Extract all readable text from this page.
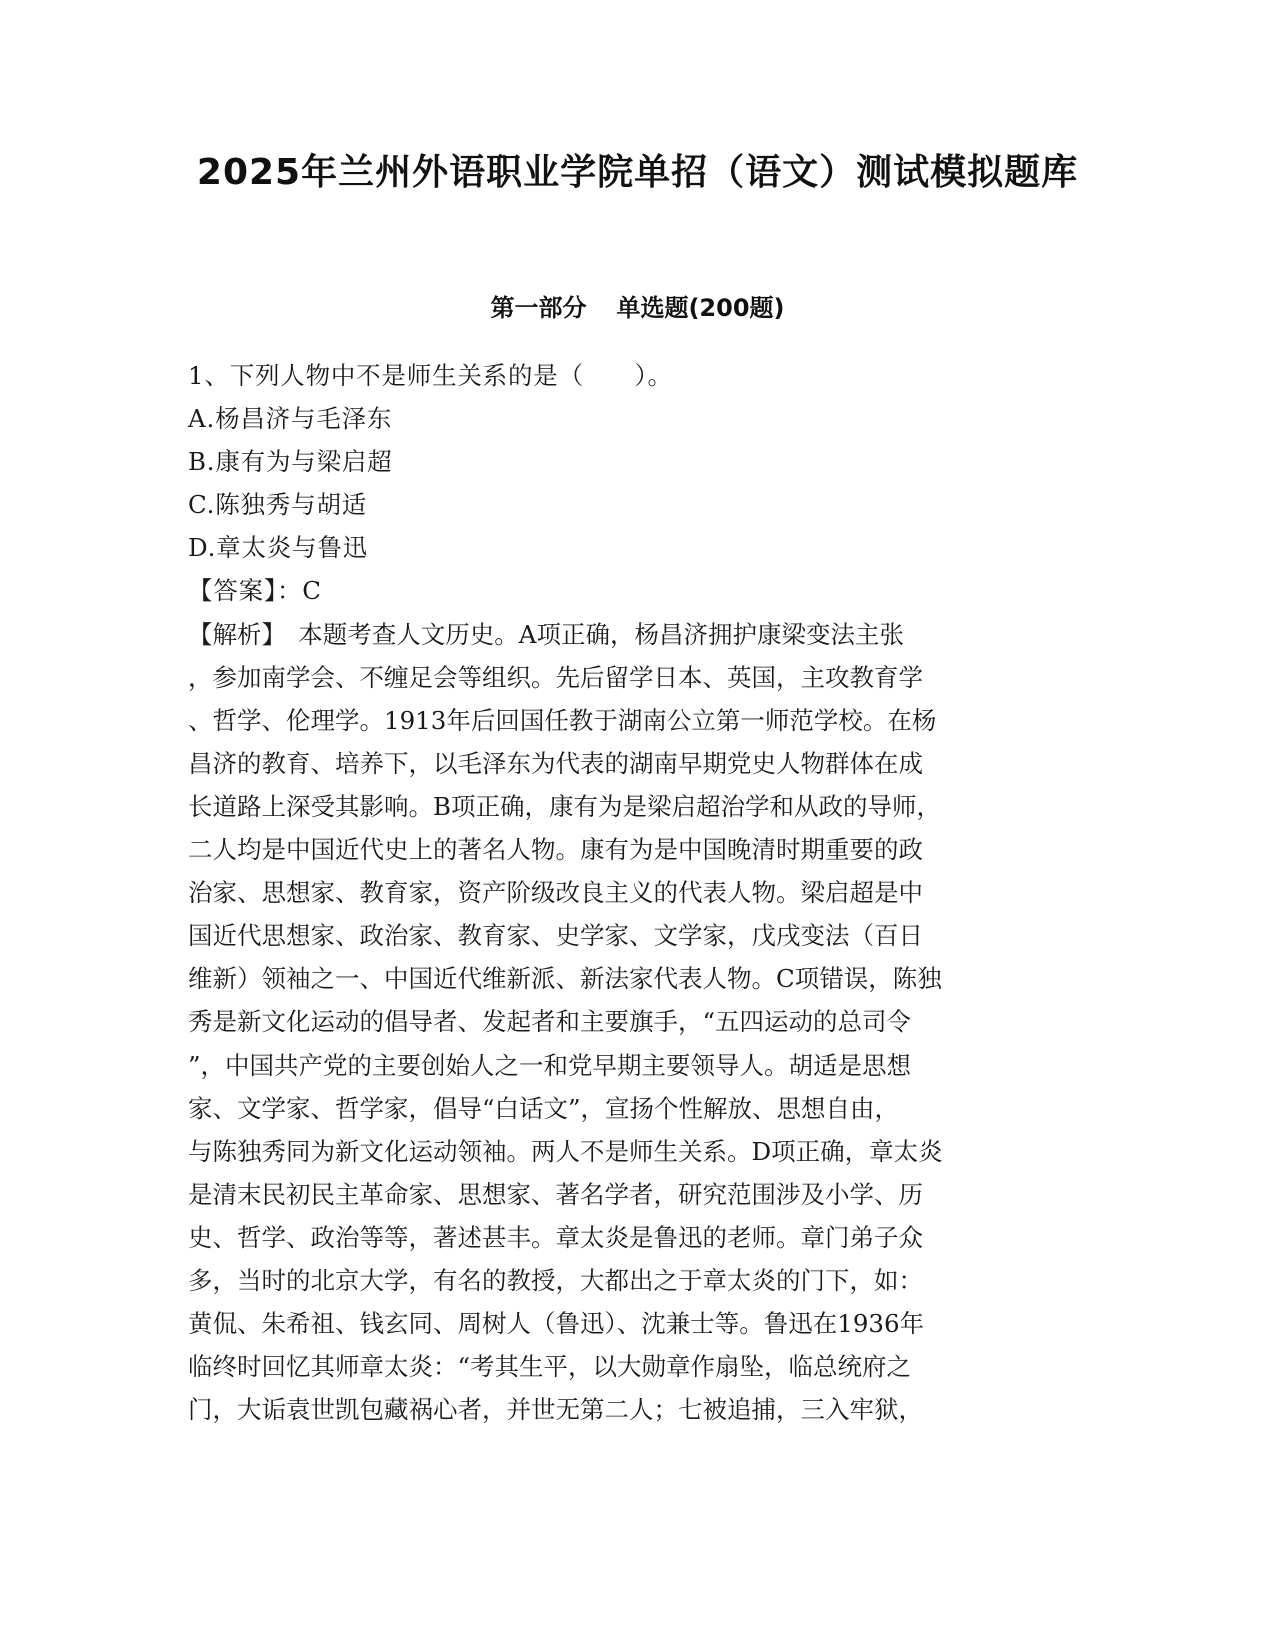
2025年兰州外语职业学院单招（语文）测试模拟题库
第一部分 单选题(200题)
1、下列人物中不是师生关系的是（　　）。
A.杨昌济与毛泽东
B.康有为与梁启超
C.陈独秀与胡适
D.章太炎与鲁迅
【答案】：C
【解析】　本题考查人文历史。A项正确，杨昌济拥护康梁变法主张
，参加南学会、不缠足会等组织。先后留学日本、英国，主攻教育学
、哲学、伦理学。1913年后回国任教于湖南公立第一师范学校。在杨
昌济的教育、培养下，以毛泽东为代表的湖南早期党史人物群体在成
长道路上深受其影响。B项正确，康有为是梁启超治学和从政的导师，
二人均是中国近代史上的著名人物。康有为是中国晚清时期重要的政
治家、思想家、教育家，资产阶级改良主义的代表人物。梁启超是中
国近代思想家、政治家、教育家、史学家、文学家，戊戌变法（百日
维新）领袖之一、中国近代维新派、新法家代表人物。C项错误，陈独
秀是新文化运动的倡导者、发起者和主要旗手，“五四运动的总司令
”，中国共产党的主要创始人之一和党早期主要领导人。胡适是思想
家、文学家、哲学家，倡导“白话文”，宣扬个性解放、思想自由，
与陈独秀同为新文化运动领袖。两人不是师生关系。D项正确，章太炎
是清末民初民主革命家、思想家、著名学者，研究范围涉及小学、历
史、哲学、政治等等，著述甚丰。章太炎是鲁迅的老师。章门弟子众
多，当时的北京大学，有名的教授，大都出之于章太炎的门下，如：
黄侃、朱希祖、钱玄同、周树人（鲁迅）、沈兼士等。鲁迅在1936年
临终时回忆其师章太炎：“考其生平，以大勋章作扇坠，临总统府之
门，大诟袁世凯包藏祸心者，并世无第二人；七被追捕，三入牢狱，
